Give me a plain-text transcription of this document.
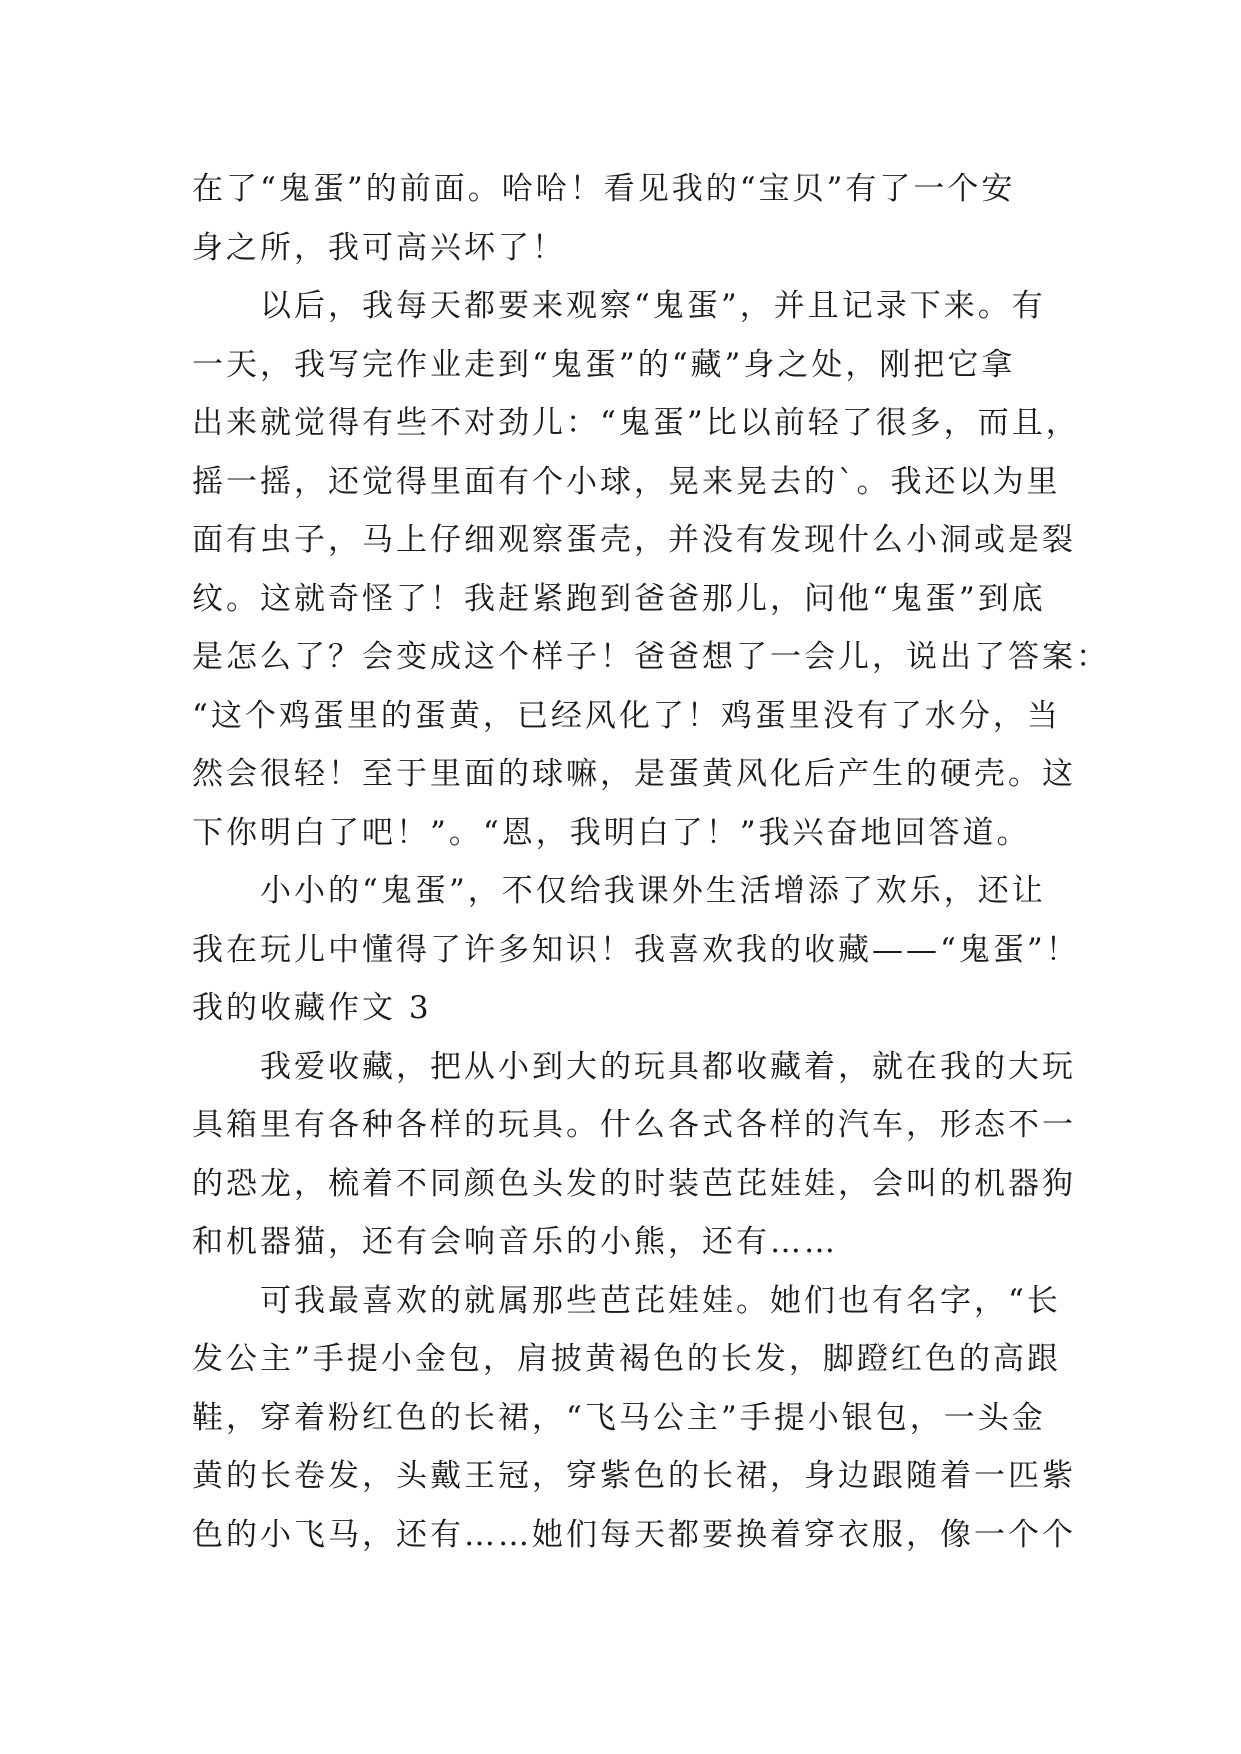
在了“鬼蛋”的前面。哈哈！看见我的“宝贝”有了一个安
身之所，我可高兴坏了！
以后，我每天都要来观察“鬼蛋”，并且记录下来。有
一天，我写完作业走到“鬼蛋”的“藏”身之处，刚把它拿
出来就觉得有些不对劲儿：“鬼蛋”比以前轻了很多，而且，
摇一摇，还觉得里面有个小球，晃来晃去的`。我还以为里
面有虫子，马上仔细观察蛋壳，并没有发现什么小洞或是裂
纹。这就奇怪了！我赶紧跑到爸爸那儿，问他“鬼蛋”到底
是怎么了？会变成这个样子！爸爸想了一会儿，说出了答案：
“这个鸡蛋里的蛋黄，已经风化了！鸡蛋里没有了水分，当
然会很轻！至于里面的球嘛，是蛋黄风化后产生的硬壳。这
下你明白了吧！”。“恩，我明白了！”我兴奋地回答道。
小小的“鬼蛋”，不仅给我课外生活增添了欢乐，还让
我在玩儿中懂得了许多知识！我喜欢我的收藏——“鬼蛋”！
我的收藏作文 3
我爱收藏，把从小到大的玩具都收藏着，就在我的大玩
具箱里有各种各样的玩具。什么各式各样的汽车，形态不一
的恐龙，梳着不同颜色头发的时装芭芘娃娃，会叫的机器狗
和机器猫，还有会响音乐的小熊，还有……
可我最喜欢的就属那些芭芘娃娃。她们也有名字，“长
发公主”手提小金包，肩披黄褐色的长发，脚蹬红色的高跟
鞋，穿着粉红色的长裙，“飞马公主”手提小银包，一头金
黄的长卷发，头戴王冠，穿紫色的长裙，身边跟随着一匹紫
色的小飞马，还有……她们每天都要换着穿衣服，像一个个
